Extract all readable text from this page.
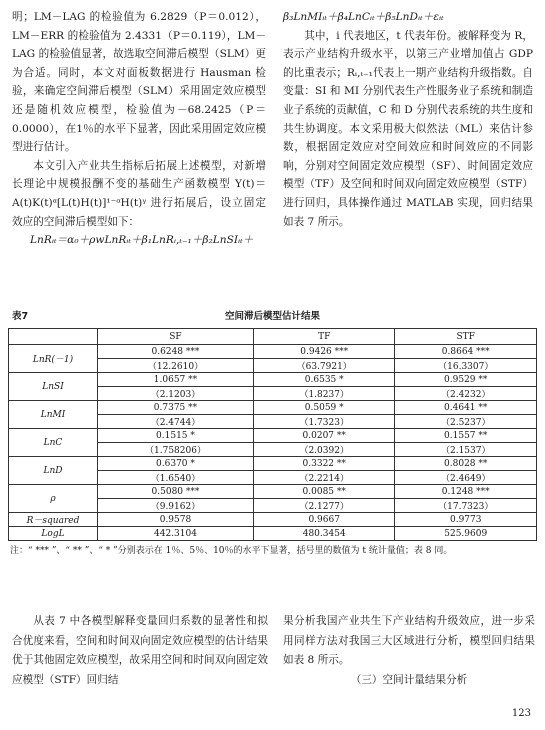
明；LM－LAG 的检验值为 6.2829（P＝0.012），LM－ERR 的检验值为 2.4331（P＝0.119），LM－LAG 的检验值显著，故选取空间滞后模型（SLM）更为合适。同时，本文对面板数据进行 Hausman 检验，来确定空间滞后模型（SLM）采用固定效应模型还是随机效应模型，检验值为－68.2425（P＝0.0000），在1％的水平下显著，因此采用固定效应模型进行估计。

本文引入产业共生指标后拓展上述模型，对新增长理论中规模报酬不变的基础生产函数模型 Y(t)＝A(t)K(t)ᵅ[L(t)H(t)]¹⁻ᵅH(t)ᵞ 进行拓展后，设立固定效应的空间滞后模型如下：

LnRᵢₜ＝α₀＋ρwLnRᵢₜ＋β₁LnRᵢ,ₜ₋₁＋β₂LnSIᵢₜ＋

β₃LnMIᵢₜ＋β₄LnCᵢₜ＋β₅LnDᵢₜ＋εᵢₜ

其中，i 代表地区，t 代表年份。被解释变为 R，表示产业结构升级水平，以第三产业增加值占 GDP 的比重表示；Rᵢ,ₜ₋₁代表上一期产业结构升级指数。自变量：SI 和 MI 分别代表生产性服务业子系统和制造业子系统的贡献值，C 和 D 分别代表系统的共生度和共生协调度。本文采用极大似然法（ML）来估计参数，根据固定效应对空间效应和时间效应的不同影响，分别对空间固定效应模型（SF）、时间固定效应模型（TF）及空间和时间双向固定效应模型（STF）进行回归，具体操作通过 MATLAB 实现，回归结果如表 7 所示。

表7	空间滞后模型估计结果
	SF	TF	STF
LnR(－1)	0.6248 ***	0.9426 ***	0.8664 ***
	（12.2610）	（63.7921）	（16.3307）
LnSI	1.0657 **	0.6535 *	0.9529 **
	（2.1203）	（1.8237）	（2.4232）
LnMI	0.7375 **	0.5059 *	0.4641 **
	（2.4744）	（1.7323）	（2.5237）
LnC	0.1515 *	0.0207 **	0.1557 **
	（1.758206）	（2.0392）	（2.1537）
LnD	0.6370 *	0.3322 **	0.8028 **
	（1.6540）	（2.2214）	（2.4649）
ρ	0.5080 ***	0.0085 **	0.1248 ***
	（9.9162）	（2.1277）	（17.7323）
R－squared	0.9578	0.9667	0.9773
LogL	442.3104	480.3454	525.9609
注：“ *** ”、“ ** ”、“ * ”分别表示在 1％、5％、10％的水平下显著，括号里的数值为 t 统计量值；表 8 同。

从表 7 中各模型解释变量回归系数的显著性和拟合优度来看，空间和时间双向固定效应模型的估计结果优于其他固定效应模型，故采用空间和时间双向固定效应模型（STF）回归结

果分析我国产业共生下产业结构升级效应，进一步采用同样方法对我国三大区域进行分析，模型回归结果如表 8 所示。

（三）空间计量结果分析

123
